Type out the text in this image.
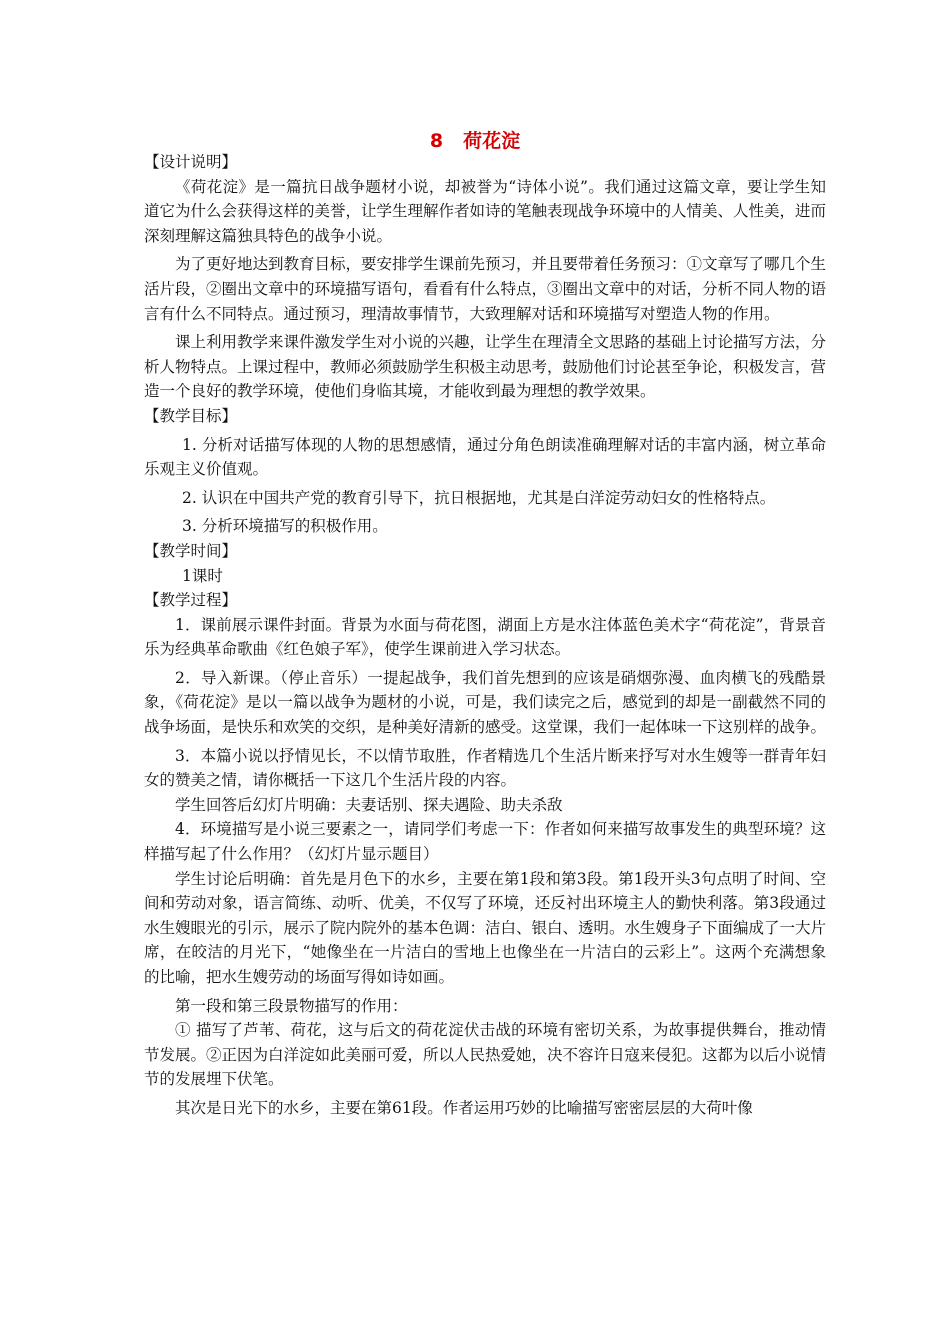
8 荷花淀

【设计说明】

《荷花淀》是一篇抗日战争题材小说，却被誉为“诗体小说”。我们通过这篇文章，要让学生知道它为什么会获得这样的美誉，让学生理解作者如诗的笔触表现战争环境中的人情美、人性美，进而深刻理解这篇独具特色的战争小说。

为了更好地达到教育目标，要安排学生课前先预习，并且要带着任务预习：①文章写了哪几个生活片段，②圈出文章中的环境描写语句，看看有什么特点，③圈出文章中的对话，分析不同人物的语言有什么不同特点。通过预习，理清故事情节，大致理解对话和环境描写对塑造人物的作用。

课上利用教学来课件激发学生对小说的兴趣，让学生在理清全文思路的基础上讨论描写方法，分析人物特点。上课过程中，教师必须鼓励学生积极主动思考，鼓励他们讨论甚至争论，积极发言，营造一个良好的教学环境，使他们身临其境，才能收到最为理想的教学效果。

【教学目标】

1. 分析对话描写体现的人物的思想感情，通过分角色朗读准确理解对话的丰富内涵，树立革命乐观主义价值观。

2. 认识在中国共产党的教育引导下，抗日根据地，尤其是白洋淀劳动妇女的性格特点。

3. 分析环境描写的积极作用。

【教学时间】

1课时

【教学过程】

1．课前展示课件封面。背景为水面与荷花图，湖面上方是水注体蓝色美术字“荷花淀”，背景音乐为经典革命歌曲《红色娘子军》，使学生课前进入学习状态。

2．导入新课。（停止音乐）一提起战争，我们首先想到的应该是硝烟弥漫、血肉横飞的残酷景象，《荷花淀》是以一篇以战争为题材的小说，可是，我们读完之后，感觉到的却是一副截然不同的战争场面，是快乐和欢笑的交织，是种美好清新的感受。这堂课，我们一起体味一下这别样的战争。

3．本篇小说以抒情见长，不以情节取胜，作者精选几个生活片断来抒写对水生嫂等一群青年妇女的赞美之情，请你概括一下这几个生活片段的内容。

学生回答后幻灯片明确：夫妻话别、探夫遇险、助夫杀敌

4．环境描写是小说三要素之一，请同学们考虑一下：作者如何来描写故事发生的典型环境？这样描写起了什么作用？（幻灯片显示题目）

学生讨论后明确：首先是月色下的水乡，主要在第1段和第3段。第1段开头3句点明了时间、空间和劳动对象，语言简练、动听、优美，不仅写了环境，还反衬出环境主人的勤快利落。第3段通过水生嫂眼光的引示，展示了院内院外的基本色调：洁白、银白、透明。水生嫂身子下面编成了一大片席，在皎洁的月光下，“她像坐在一片洁白的雪地上也像坐在一片洁白的云彩上”。这两个充满想象的比喻，把水生嫂劳动的场面写得如诗如画。

第一段和第三段景物描写的作用：

① 描写了芦苇、荷花，这与后文的荷花淀伏击战的环境有密切关系，为故事提供舞台，推动情节发展。②正因为白洋淀如此美丽可爱，所以人民热爱她，决不容许日寇来侵犯。这都为以后小说情节的发展埋下伏笔。

其次是日光下的水乡，主要在第61段。作者运用巧妙的比喻描写密密层层的大荷叶像
